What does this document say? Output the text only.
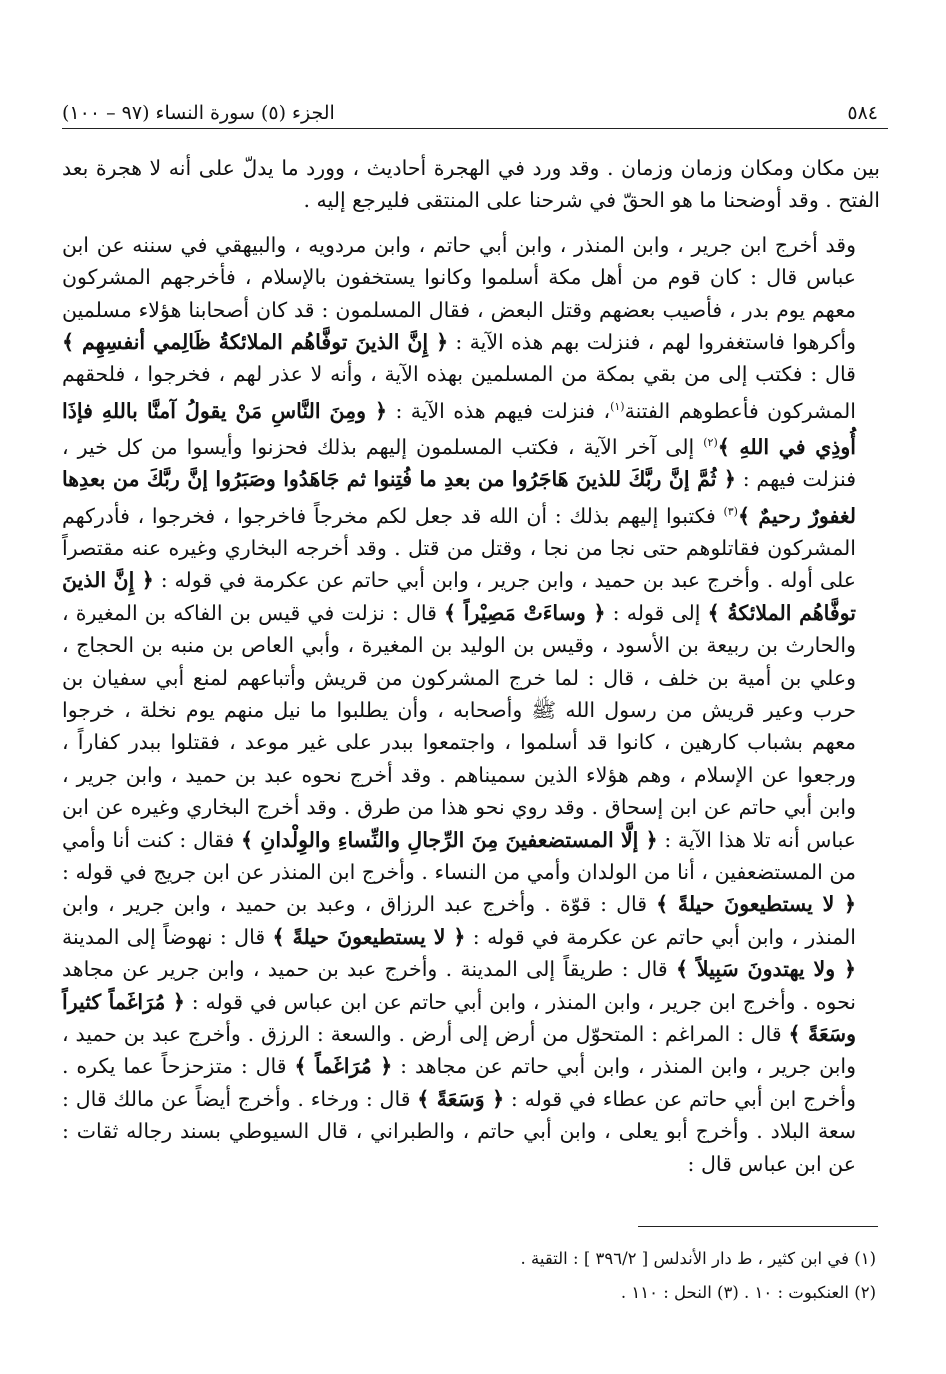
٥٨٤
الجزء (٥) سورة النساء (٩٧ – ١٠٠)

بين مكان ومكان وزمان وزمان . وقد ورد في الهجرة أحاديث ، وورد ما يدلّ على أنه لا هجرة بعد الفتح . وقد أوضحنا ما هو الحقّ في شرحنا على المنتقى فليرجع إليه .

وقد أخرج ابن جرير ، وابن المنذر ، وابن أبي حاتم ، وابن مردويه ، والبيهقي في سننه عن ابن عباس قال : كان قوم من أهل مكة أسلموا وكانوا يستخفون بالإسلام ، فأخرجهم المشركون معهم يوم بدر ، فأصيب بعضهم وقتل البعض ، فقال المسلمون : قد كان أصحابنا هؤلاء مسلمين وأكرهوا فاستغفروا لهم ، فنزلت بهم هذه الآية : ﴿ إِنَّ الذينَ توفَّاهُم الملائكةُ ظَالِمي أنفسِهِم ﴾ قال : فكتب إلى من بقي بمكة من المسلمين بهذه الآية ، وأنه لا عذر لهم ، فخرجوا ، فلحقهم المشركون فأعطوهم الفتنة$^{(١)}$، فنزلت فيهم هذه الآية : ﴿ ومِنَ النَّاسِ مَنْ يقولُ آمنَّا باللهِ فإذَا أُوذِي في اللهِ ﴾$^{(٢)}$ إلى آخر الآية ، فكتب المسلمون إليهم بذلك فحزنوا وأيسوا من كل خير ، فنزلت فيهم : ﴿ ثُمَّ إنَّ ربَّكَ للذينَ هَاجَرُوا من بعدِ ما فُتِنوا ثم جَاهَدُوا وصَبَرُوا إنَّ ربَّكَ من بعدِها لغفورٌ رحيمٌ ﴾$^{(٣)}$ فكتبوا إليهم بذلك : أن الله قد جعل لكم مخرجاً فاخرجوا ، فخرجوا ، فأدركهم المشركون فقاتلوهم حتى نجا من نجا ، وقتل من قتل . وقد أخرجه البخاري وغيره عنه مقتصراً على أوله . وأخرج عبد بن حميد ، وابن جرير ، وابن أبي حاتم عن عكرمة في قوله : ﴿ إِنَّ الذينَ توفَّاهُم الملائكةُ ﴾ إلى قوله : ﴿ وساءَتْ مَصِيْراً ﴾ قال : نزلت في قيس بن الفاكه بن المغيرة ، والحارث بن ربيعة بن الأسود ، وقيس بن الوليد بن المغيرة ، وأبي العاص بن منبه بن الحجاج ، وعلي بن أمية بن خلف ، قال : لما خرج المشركون من قريش وأتباعهم لمنع أبي سفيان بن حرب وعير قريش من رسول الله ﷺ وأصحابه ، وأن يطلبوا ما نيل منهم يوم نخلة ، خرجوا معهم بشباب كارهين ، كانوا قد أسلموا ، واجتمعوا ببدر على غير موعد ، فقتلوا ببدر كفاراً ، ورجعوا عن الإسلام ، وهم هؤلاء الذين سميناهم . وقد أخرج نحوه عبد بن حميد ، وابن جرير ، وابن أبي حاتم عن ابن إسحاق . وقد روي نحو هذا من طرق . وقد أخرج البخاري وغيره عن ابن عباس أنه تلا هذا الآية : ﴿ إلَّا المستضعفينَ مِنَ الرِّجالِ والنِّساءِ والوِلْدانِ ﴾ فقال : كنت أنا وأمي من المستضعفين ، أنا من الولدان وأمي من النساء . وأخرج ابن المنذر عن ابن جريج في قوله : ﴿ لا يستطيعونَ حيلةً ﴾ قال : قوّة . وأخرج عبد الرزاق ، وعبد بن حميد ، وابن جرير ، وابن المنذر ، وابن أبي حاتم عن عكرمة في قوله : ﴿ لا يستطيعونَ حيلةً ﴾ قال : نهوضاً إلى المدينة ﴿ ولا يهتدونَ سَبِيلاً ﴾ قال : طريقاً إلى المدينة . وأخرج عبد بن حميد ، وابن جرير عن مجاهد نحوه . وأخرج ابن جرير ، وابن المنذر ، وابن أبي حاتم عن ابن عباس في قوله : ﴿ مُرَاغَماً كثيراً وسَعَةً ﴾ قال : المراغم : المتحوّل من أرض إلى أرض . والسعة : الرزق . وأخرج عبد بن حميد ، وابن جرير ، وابن المنذر ، وابن أبي حاتم عن مجاهد : ﴿ مُرَاغَماً ﴾ قال : متزحزحاً عما يكره . وأخرج ابن أبي حاتم عن عطاء في قوله : ﴿ وَسَعَةً ﴾ قال : ورخاء . وأخرج أيضاً عن مالك قال : سعة البلاد . وأخرج أبو يعلى ، وابن أبي حاتم ، والطبراني ، قال السيوطي بسند رجاله ثقات : عن ابن عباس قال :

(١) في ابن كثير ، ط دار الأندلس [ ٣٩٦/٢ ] : التقية .

(٢) العنكبوت : ١٠ . (٣) النحل : ١١٠ .
